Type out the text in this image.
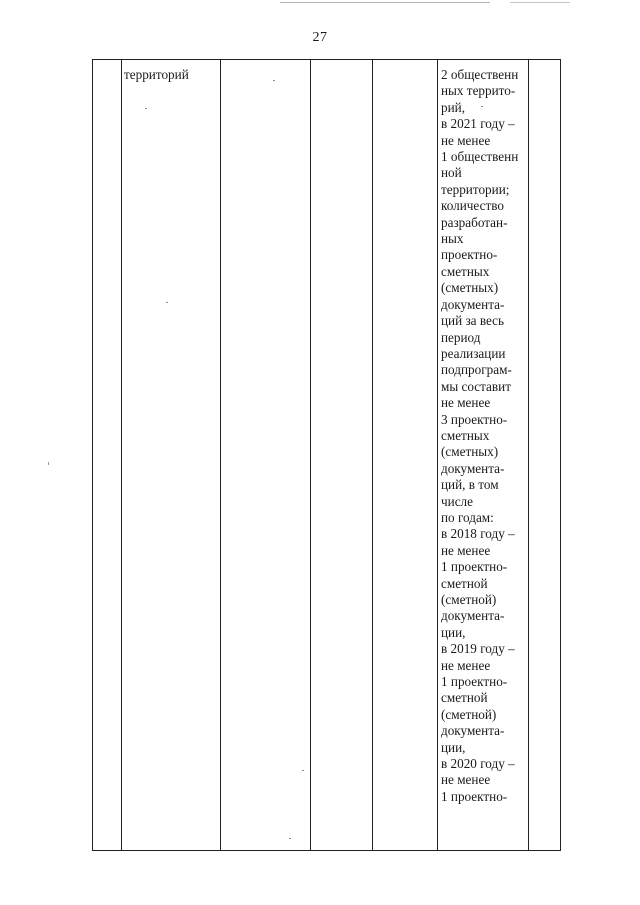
27
территорий	2 общественн
ных террито-
рий,
в 2021 году –
не менее
1 общественн
ной
территории;
количество
разработан-
ных
проектно-
сметных
(сметных)
документа-
ций за весь
период
реализации
подпрограм-
мы составит
не менее
3 проектно-
сметных
(сметных)
документа-
ций, в том
числе
по годам:
в 2018 году –
не менее
1 проектно-
сметной
(сметной)
документа-
ции,
в 2019 году –
не менее
1 проектно-
сметной
(сметной)
документа-
ции,
в 2020 году –
не менее
1 проектно-
